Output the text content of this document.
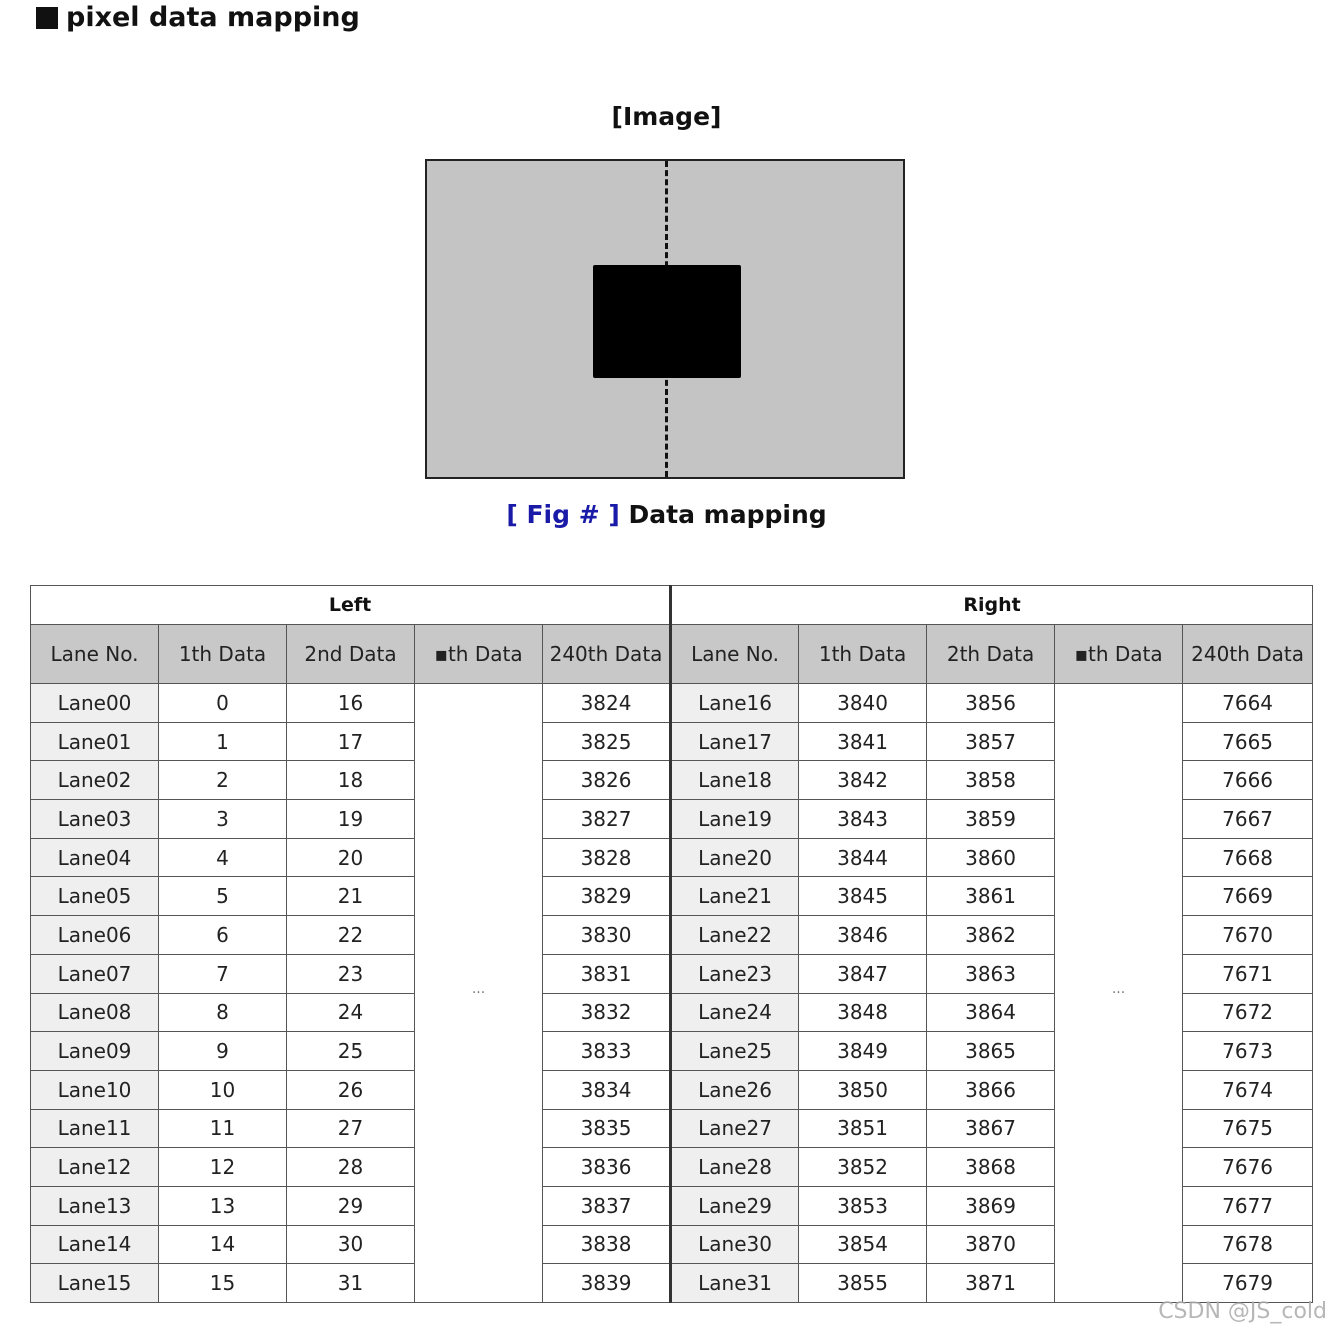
pixel data mapping
[Image]
[ Fig # ] Data mapping
Left					Right				
Lane No.	1th Data	2nd Data	▪th Data	240th Data	Lane No.	1th Data	2th Data	▪th Data	240th Data
Lane00	0	16	···	3824	Lane16	3840	3856	···	7664
Lane01	1	17		3825	Lane17	3841	3857		7665
Lane02	2	18		3826	Lane18	3842	3858		7666
Lane03	3	19		3827	Lane19	3843	3859		7667
Lane04	4	20		3828	Lane20	3844	3860		7668
Lane05	5	21		3829	Lane21	3845	3861		7669
Lane06	6	22		3830	Lane22	3846	3862		7670
Lane07	7	23		3831	Lane23	3847	3863		7671
Lane08	8	24		3832	Lane24	3848	3864		7672
Lane09	9	25		3833	Lane25	3849	3865		7673
Lane10	10	26		3834	Lane26	3850	3866		7674
Lane11	11	27		3835	Lane27	3851	3867		7675
Lane12	12	28		3836	Lane28	3852	3868		7676
Lane13	13	29		3837	Lane29	3853	3869		7677
Lane14	14	30		3838	Lane30	3854	3870		7678
Lane15	15	31		3839	Lane31	3855	3871		7679
CSDN @JS_cold
